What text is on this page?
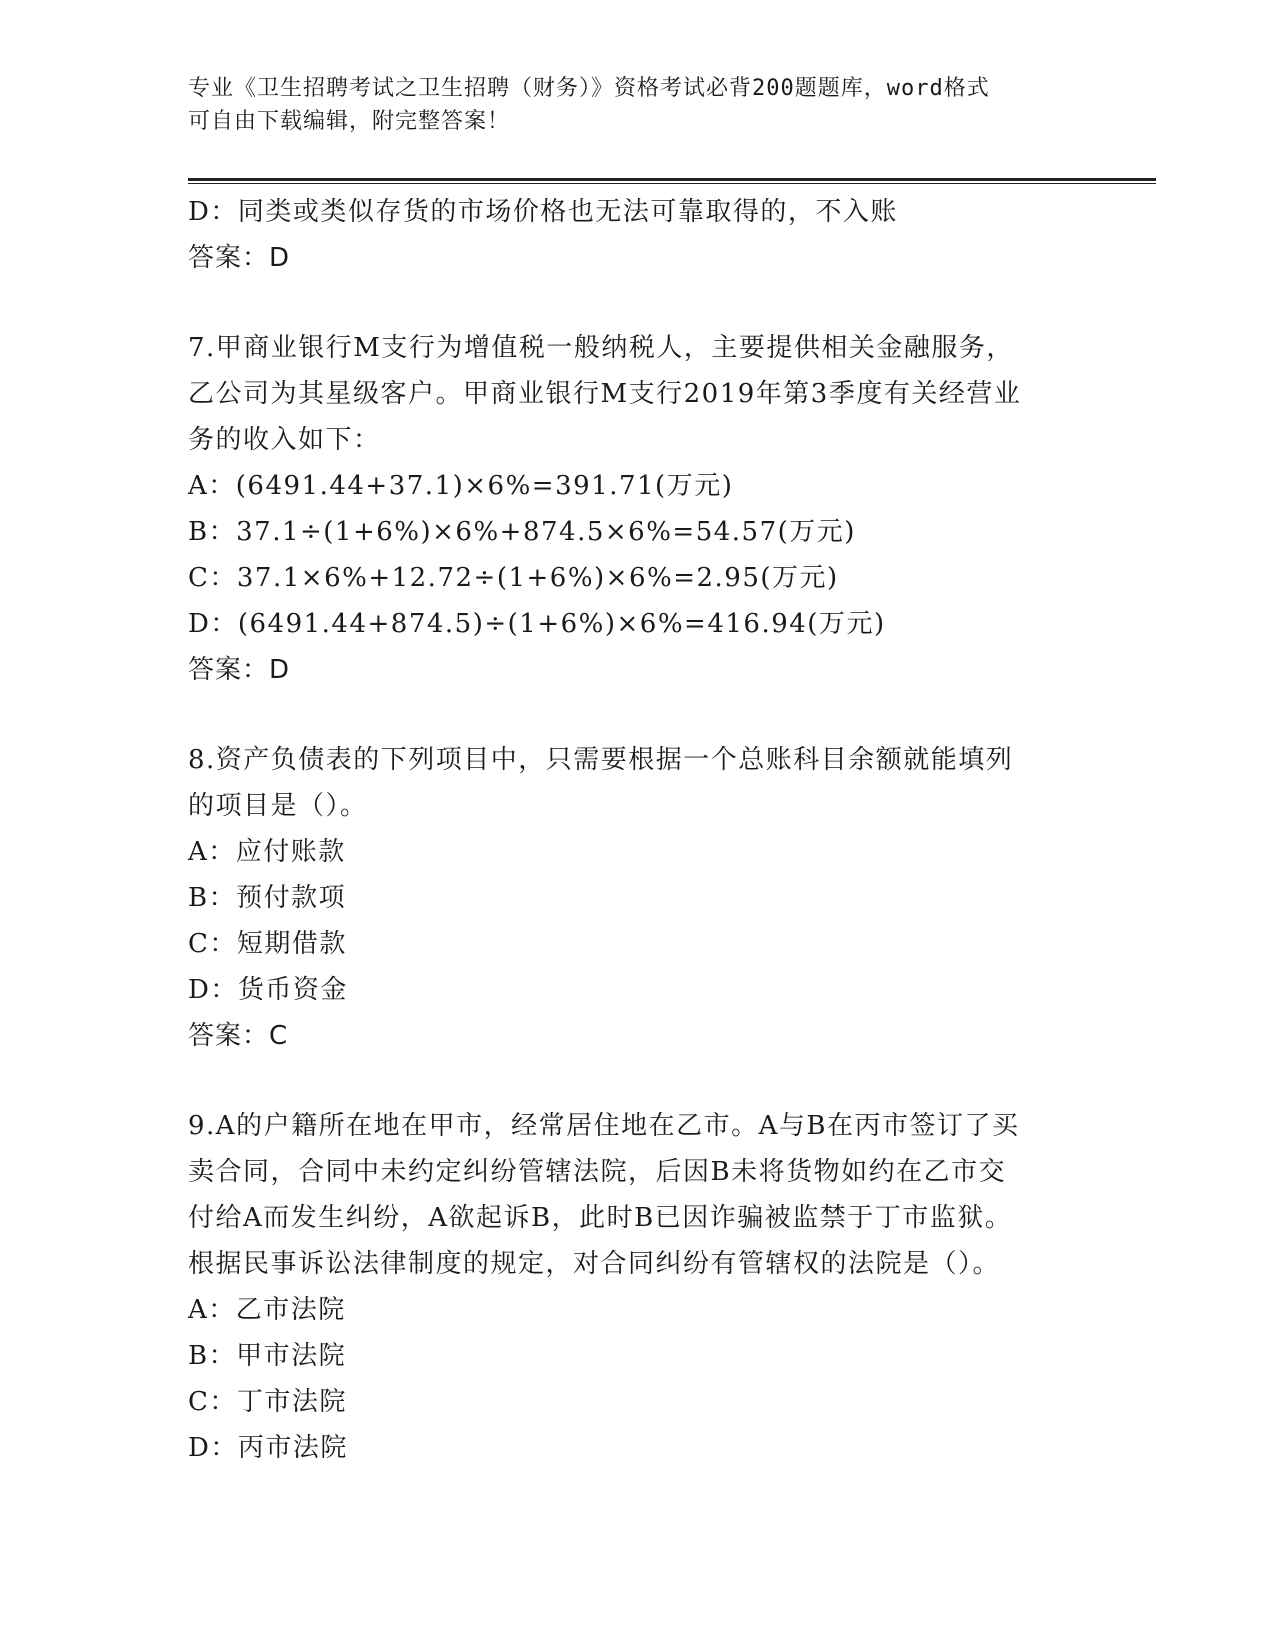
专业《卫生招聘考试之卫生招聘（财务）》资格考试必背200题题库，word格式
可自由下载编辑，附完整答案！
D：同类或类似存货的市场价格也无法可靠取得的，不入账
答案：D
7.甲商业银行M支行为增值税一般纳税人，主要提供相关金融服务，
乙公司为其星级客户。甲商业银行M支行2019年第3季度有关经营业
务的收入如下：
A：(6491.44+37.1)×6%=391.71(万元)
B：37.1÷(1+6%)×6%+874.5×6%=54.57(万元)
C：37.1×6%+12.72÷(1+6%)×6%=2.95(万元)
D：(6491.44+874.5)÷(1+6%)×6%=416.94(万元)
答案：D
8.资产负债表的下列项目中，只需要根据一个总账科目余额就能填列
的项目是（）。
A：应付账款
B：预付款项
C：短期借款
D：货币资金
答案：C
9.A的户籍所在地在甲市，经常居住地在乙市。A与B在丙市签订了买
卖合同，合同中未约定纠纷管辖法院，后因B未将货物如约在乙市交
付给A而发生纠纷，A欲起诉B，此时B已因诈骗被监禁于丁市监狱。
根据民事诉讼法律制度的规定，对合同纠纷有管辖权的法院是（）。
A：乙市法院
B：甲市法院
C：丁市法院
D：丙市法院
